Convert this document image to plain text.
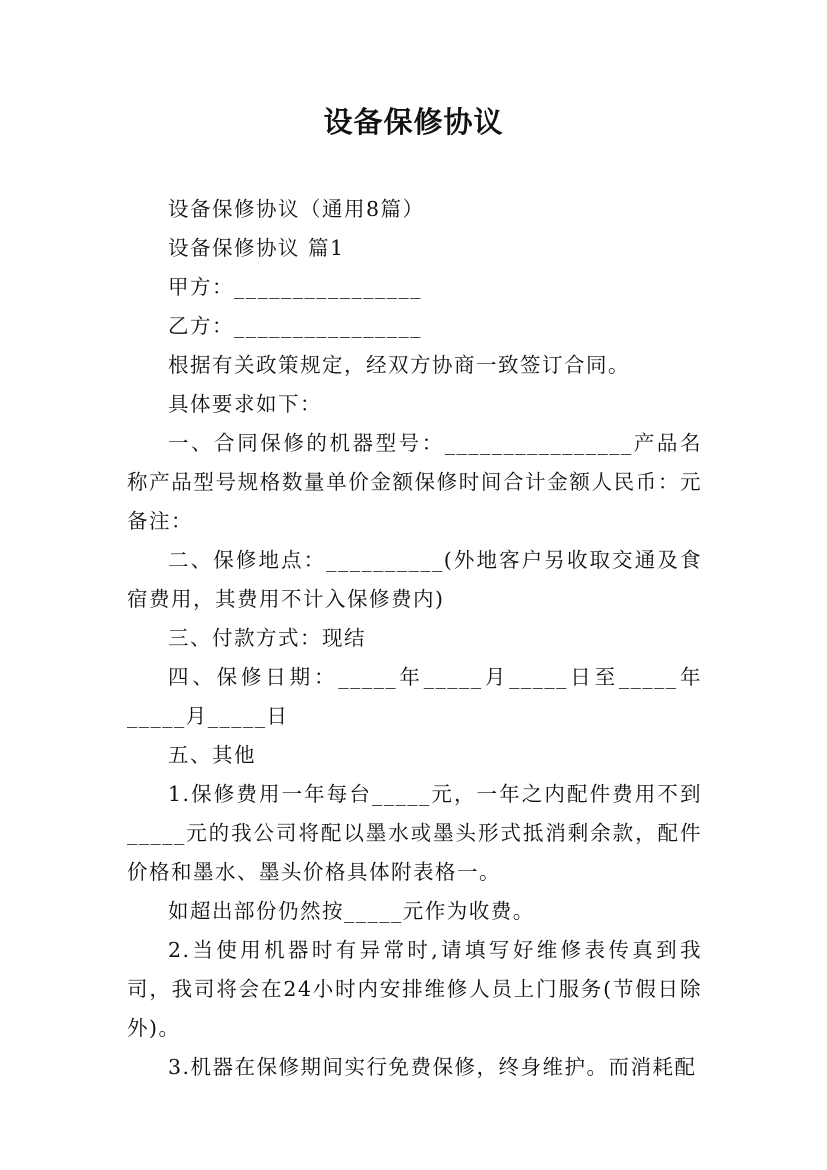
设备保修协议

设备保修协议（通用8篇）

设备保修协议 篇1

甲方：________________

乙方：________________

根据有关政策规定，经双方协商一致签订合同。

具体要求如下：

一、合同保修的机器型号：________________产品名称产品型号规格数量单价金额保修时间合计金额人民币：元备注：

二、保修地点：__________(外地客户另收取交通及食宿费用，其费用不计入保修费内)

三、付款方式：现结

四、保修日期：_____年_____月_____日至_____年_____月_____日

五、其他

1.保修费用一年每台_____元，一年之内配件费用不到_____元的我公司将配以墨水或墨头形式抵消剩余款，配件价格和墨水、墨头价格具体附表格一。

如超出部份仍然按_____元作为收费。

2.当使用机器时有异常时,请填写好维修表传真到我司，我司将会在24小时内安排维修人员上门服务(节假日除外)。

3.机器在保修期间实行免费保修，终身维护。而消耗配
